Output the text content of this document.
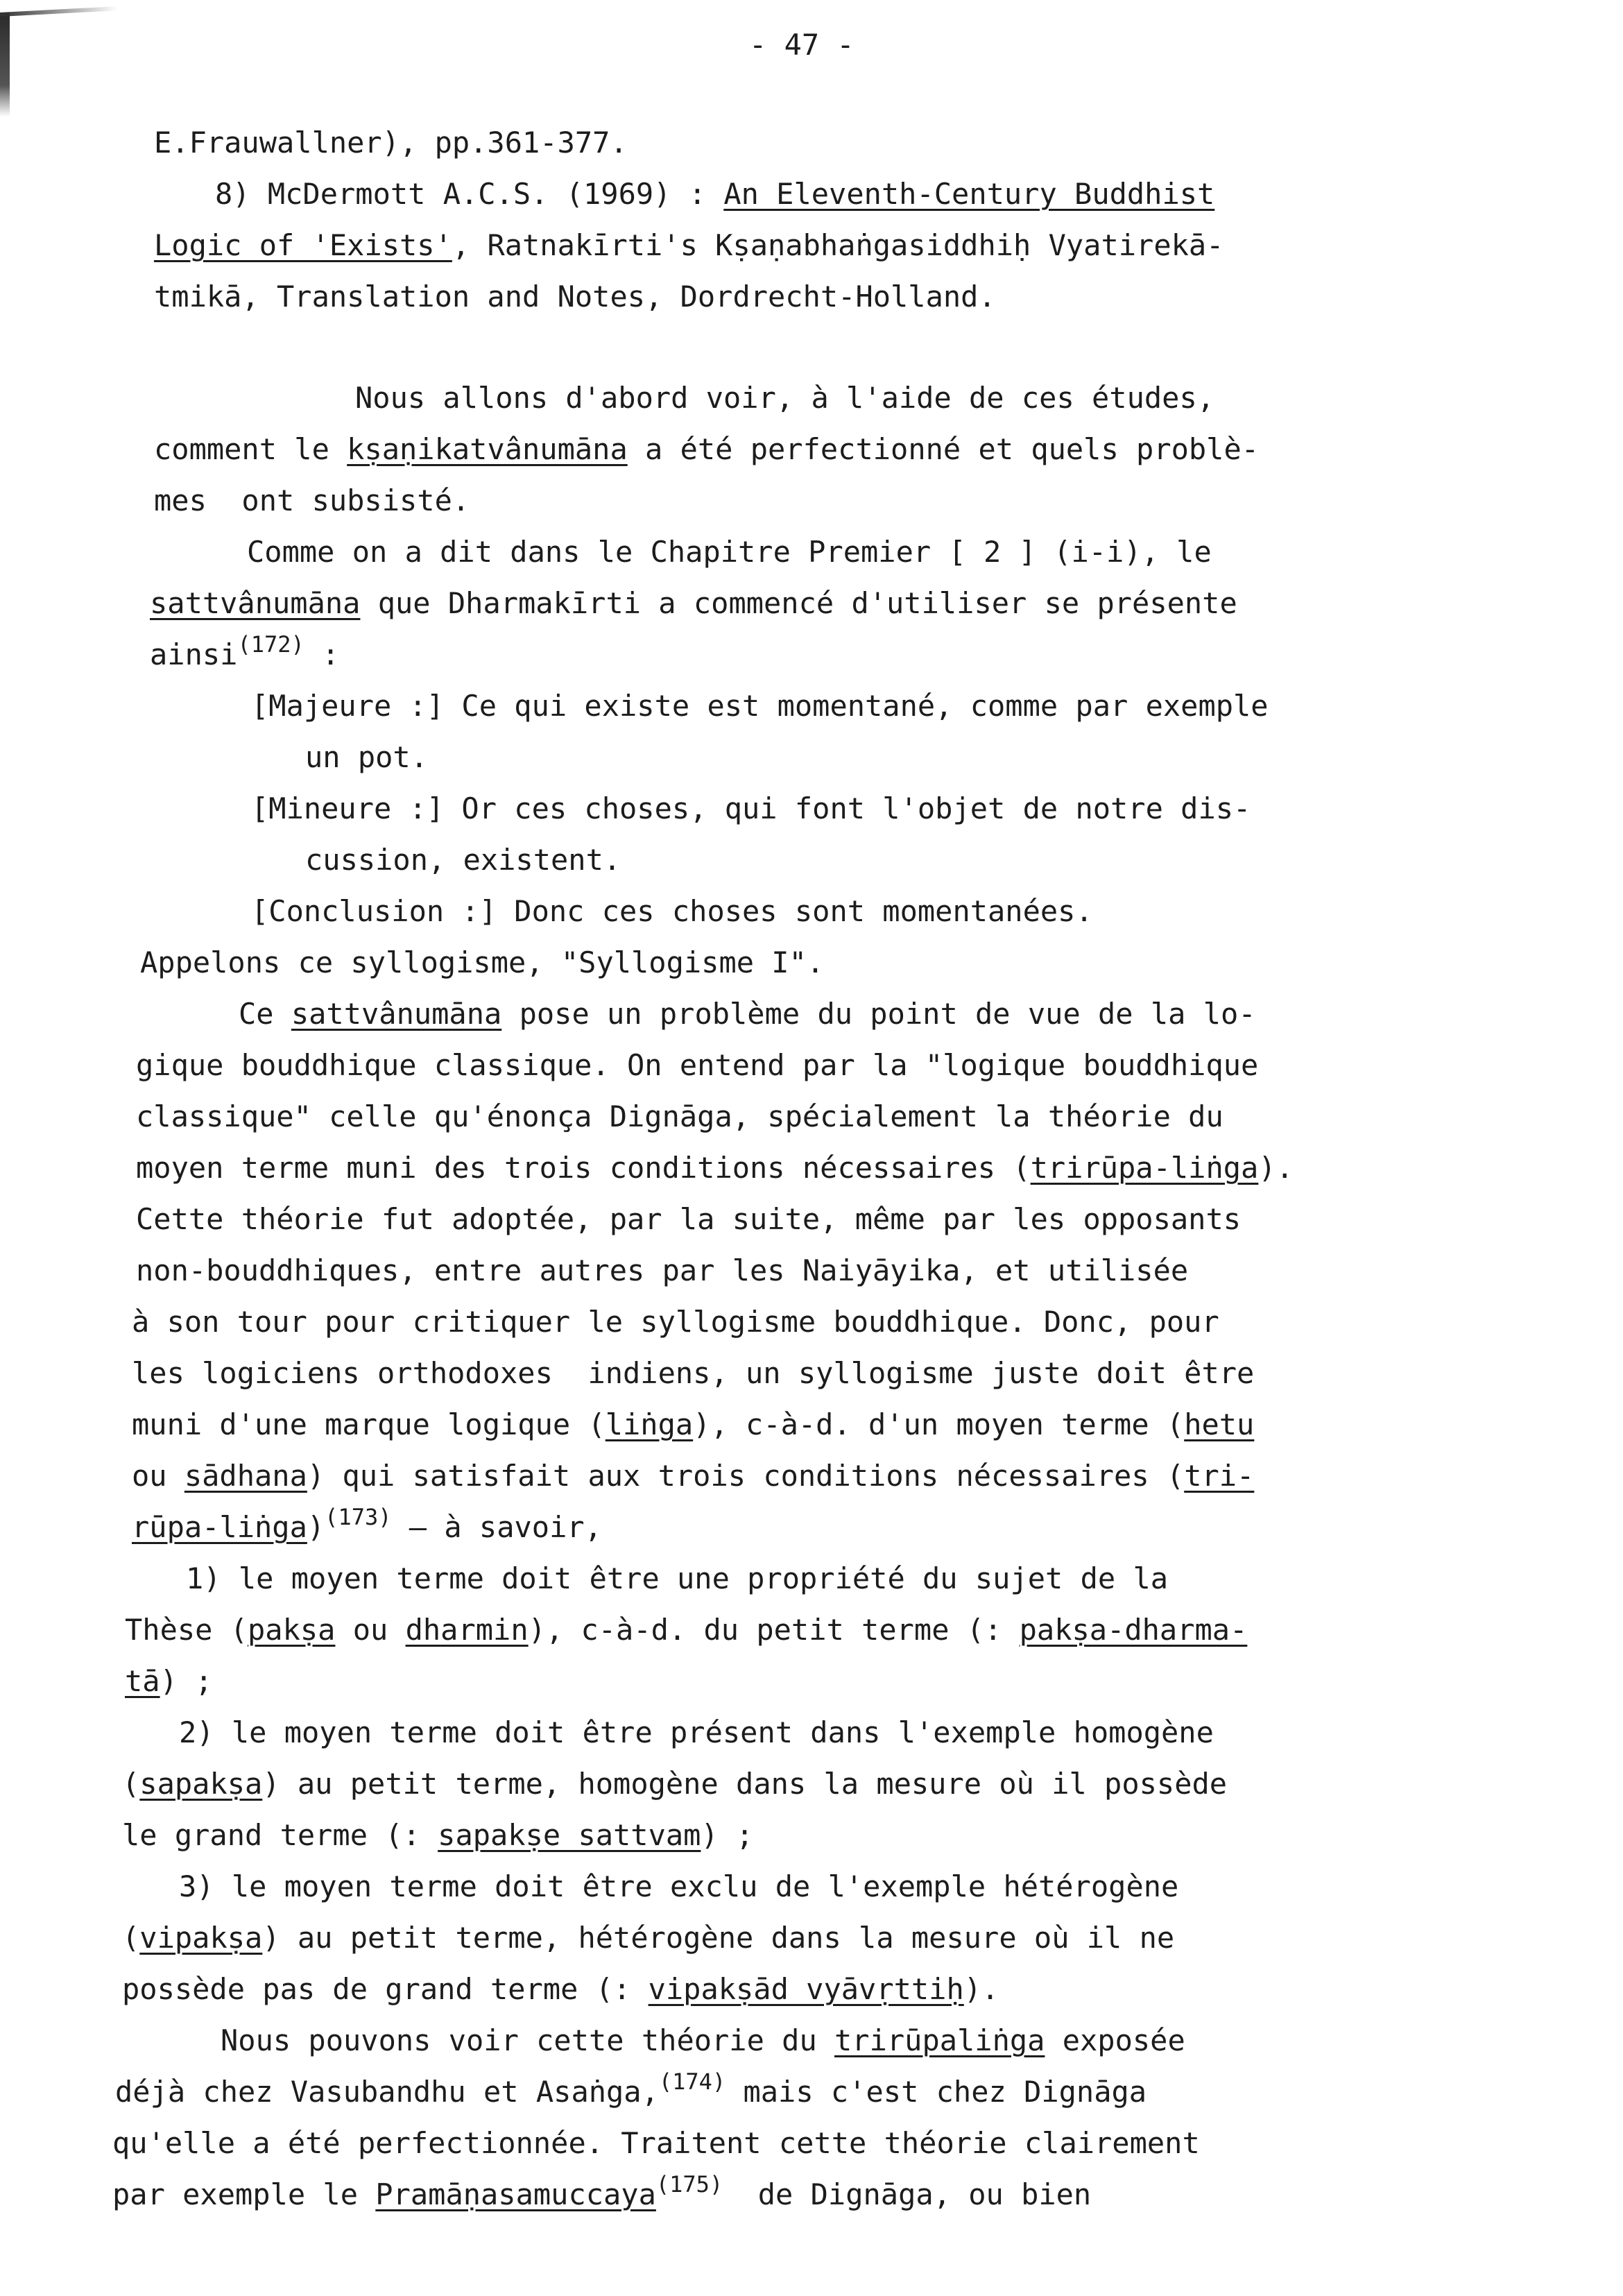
- 47 -
E.Frauwallner), pp.361-377.
8) McDermott A.C.S. (1969) : An Eleventh-Century Buddhist
Logic of 'Exists', Ratnakīrti's Kṣaṇabhaṅgasiddhiḥ Vyatirekā-
tmikā, Translation and Notes, Dordrecht-Holland.
Nous allons d'abord voir, à l'aide de ces études,
comment le kṣaṇikatvânumāna a été perfectionné et quels problè-
mes  ont subsisté.
Comme on a dit dans le Chapitre Premier [ 2 ] (i-i), le
sattvânumāna que Dharmakīrti a commencé d'utiliser se présente
ainsi$^{(172)}$ :
[Majeure :] Ce qui existe est momentané, comme par exemple
un pot.
[Mineure :] Or ces choses, qui font l'objet de notre dis-
cussion, existent.
[Conclusion :] Donc ces choses sont momentanées.
Appelons ce syllogisme, "Syllogisme I".
Ce sattvânumāna pose un problème du point de vue de la lo-
gique bouddhique classique. On entend par la "logique bouddhique
classique" celle qu'énonça Dignāga, spécialement la théorie du
moyen terme muni des trois conditions nécessaires (trirūpa-liṅga).
Cette théorie fut adoptée, par la suite, même par les opposants
non-bouddhiques, entre autres par les Naiyāyika, et utilisée
à son tour pour critiquer le syllogisme bouddhique. Donc, pour
les logiciens orthodoxes  indiens, un syllogisme juste doit être
muni d'une marque logique (liṅga), c-à-d. d'un moyen terme (hetu
ou sādhana) qui satisfait aux trois conditions nécessaires (tri-
rūpa-liṅga)$^{(173)}$ — à savoir,
1) le moyen terme doit être une propriété du sujet de la
Thèse (pakṣa ou dharmin), c-à-d. du petit terme (: pakṣa-dharma-
tā) ;
2) le moyen terme doit être présent dans l'exemple homogène
(sapakṣa) au petit terme, homogène dans la mesure où il possède
le grand terme (: sapakṣe sattvam) ;
3) le moyen terme doit être exclu de l'exemple hétérogène
(vipakṣa) au petit terme, hétérogène dans la mesure où il ne
possède pas de grand terme (: vipakṣād vyāvṛttiḥ).
Nous pouvons voir cette théorie du trirūpaliṅga exposée
déjà chez Vasubandhu et Asaṅga,$^{(174)}$ mais c'est chez Dignāga
qu'elle a été perfectionnée. Traitent cette théorie clairement
par exemple le Pramāṇasamuccaya$^{(175)}$  de Dignāga, ou bien
